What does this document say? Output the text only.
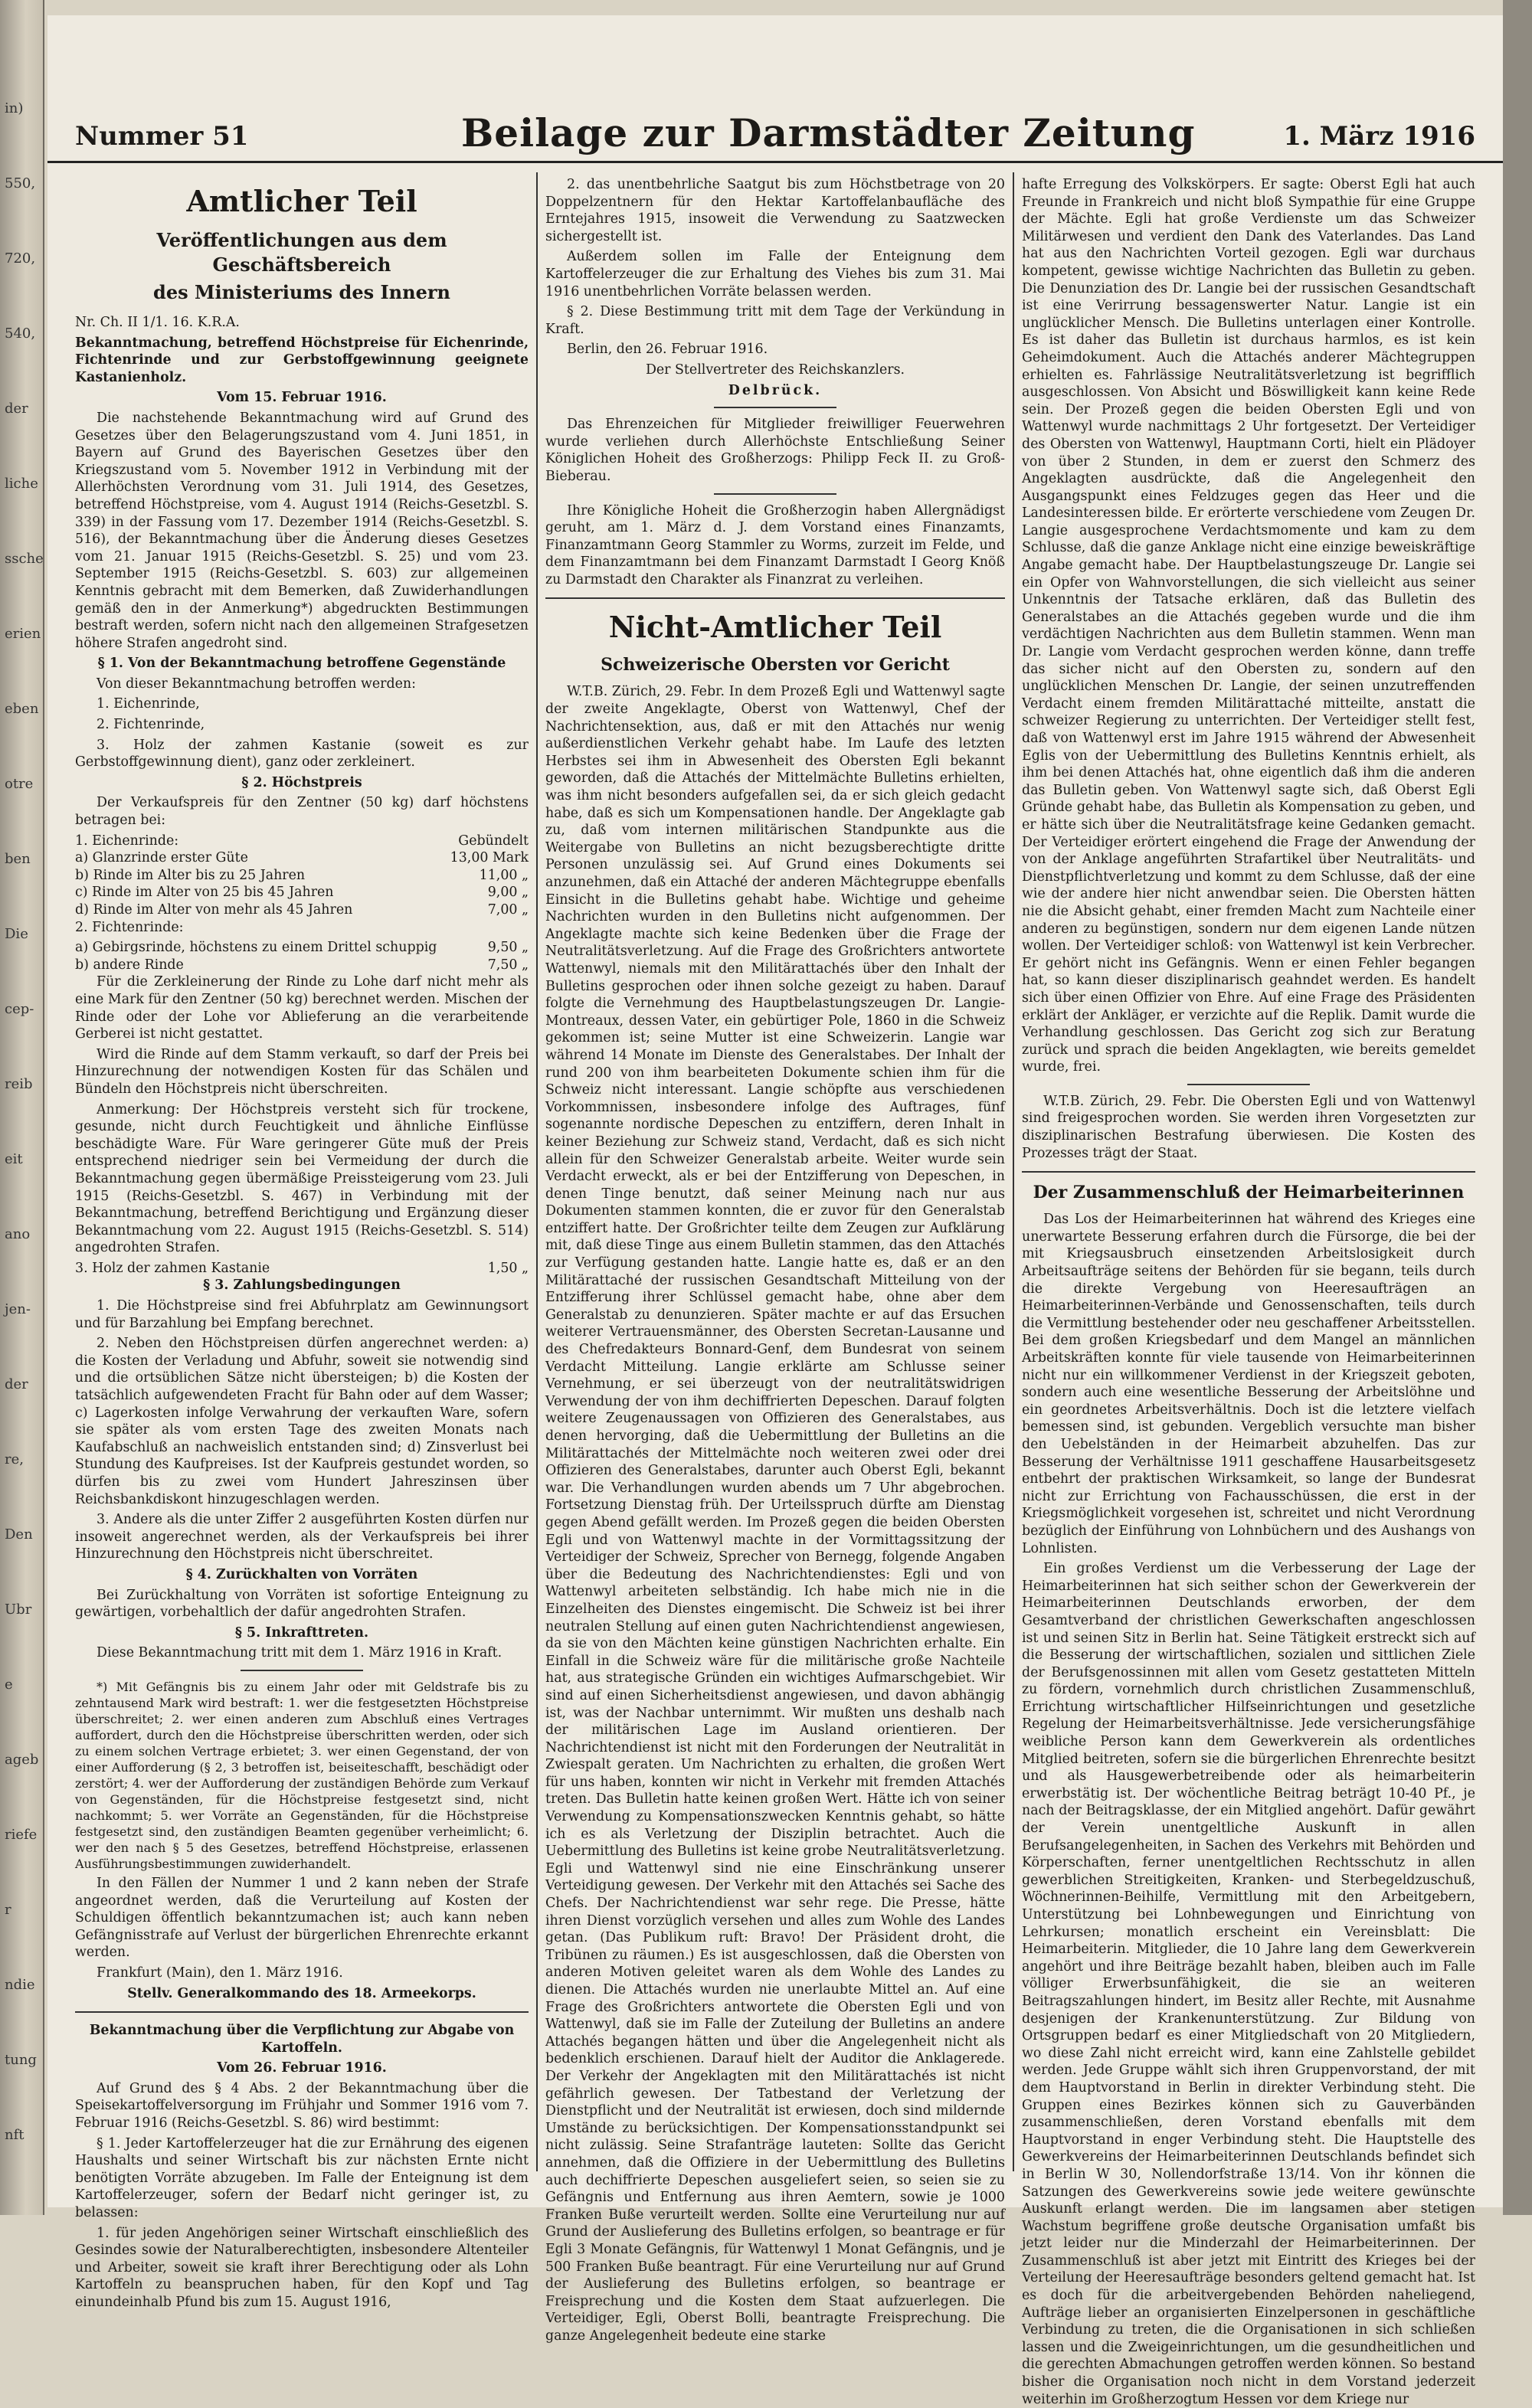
in)
550,
720,
540,
der
liche
ssche
erien
eben
otre
ben
Die
cep-
reib
eit
ano
jen-
der
re,
Den
Ubr
e
ageb
riefe
r
ndie
tung
nft
Nummer 51	Beilage zur Darmstädter Zeitung	1. März 1916
Amtlicher Teil
Veröffentlichungen aus dem Geschäftsbereich
des Ministeriums des Innern

Nr. Ch. II 1/1. 16. K.R.A.

Bekanntmachung, betreffend Höchstpreise für Eichenrinde, Fichtenrinde und zur Gerbstoffgewinnung geeignete Kastanienholz.

Vom 15. Februar 1916.

Die nachstehende Bekanntmachung wird auf Grund des Gesetzes über den Belagerungszustand vom 4. Juni 1851, in Bayern auf Grund des Bayerischen Gesetzes über den Kriegszustand vom 5. November 1912 in Verbindung mit der Allerhöchsten Verordnung vom 31. Juli 1914, des Gesetzes, betreffend Höchstpreise, vom 4. August 1914 (Reichs-Gesetzbl. S. 339) in der Fassung vom 17. Dezember 1914 (Reichs-Gesetzbl. S. 516), der Bekanntmachung über die Änderung dieses Gesetzes vom 21. Januar 1915 (Reichs-Gesetzbl. S. 25) und vom 23. September 1915 (Reichs-Gesetzbl. S. 603) zur allgemeinen Kenntnis gebracht mit dem Bemerken, daß Zuwiderhandlungen gemäß den in der Anmerkung*) abgedruckten Bestimmungen bestraft werden, sofern nicht nach den allgemeinen Strafgesetzen höhere Strafen angedroht sind.

§ 1. Von der Bekanntmachung betroffene Gegenstände

Von dieser Bekanntmachung betroffen werden:

1. Eichenrinde,

2. Fichtenrinde,

3. Holz der zahmen Kastanie (soweit es zur Gerbstoffgewinnung dient), ganz oder zerkleinert.

§ 2. Höchstpreis

Der Verkaufspreis für den Zentner (50 kg) darf höchstens betragen bei:

1. Eichenrinde:	Gebündelt
a) Glanzrinde erster Güte	13,00 Mark
b) Rinde im Alter bis zu 25 Jahren	11,00 „
c) Rinde im Alter von 25 bis 45 Jahren	9,00 „
d) Rinde im Alter von mehr als 45 Jahren	7,00 „

2. Fichtenrinde:

a) Gebirgsrinde, höchstens zu einem Drittel schuppig	9,50 „
b) andere Rinde	7,50 „

Für die Zerkleinerung der Rinde zu Lohe darf nicht mehr als eine Mark für den Zentner (50 kg) berechnet werden. Mischen der Rinde oder der Lohe vor Ablieferung an die verarbeitende Gerberei ist nicht gestattet.

Wird die Rinde auf dem Stamm verkauft, so darf der Preis bei Hinzurechnung der notwendigen Kosten für das Schälen und Bündeln den Höchstpreis nicht überschreiten.

Anmerkung: Der Höchstpreis versteht sich für trockene, gesunde, nicht durch Feuchtigkeit und ähnliche Einflüsse beschädigte Ware. Für Ware geringerer Güte muß der Preis entsprechend niedriger sein bei Vermeidung der durch die Bekanntmachung gegen übermäßige Preissteigerung vom 23. Juli 1915 (Reichs-Gesetzbl. S. 467) in Verbindung mit der Bekanntmachung, betreffend Berichtigung und Ergänzung dieser Bekanntmachung vom 22. August 1915 (Reichs-Gesetzbl. S. 514) angedrohten Strafen.

3. Holz der zahmen Kastanie	1,50 „

§ 3. Zahlungsbedingungen

1. Die Höchstpreise sind frei Abfuhrplatz am Gewinnungsort und für Barzahlung bei Empfang berechnet.

2. Neben den Höchstpreisen dürfen angerechnet werden: a) die Kosten der Verladung und Abfuhr, soweit sie notwendig sind und die ortsüblichen Sätze nicht übersteigen; b) die Kosten der tatsächlich aufgewendeten Fracht für Bahn oder auf dem Wasser; c) Lagerkosten infolge Verwahrung der verkauften Ware, sofern sie später als vom ersten Tage des zweiten Monats nach Kaufabschluß an nachweislich entstanden sind; d) Zinsverlust bei Stundung des Kaufpreises. Ist der Kaufpreis gestundet worden, so dürfen bis zu zwei vom Hundert Jahreszinsen über Reichsbankdiskont hinzugeschlagen werden.

3. Andere als die unter Ziffer 2 ausgeführten Kosten dürfen nur insoweit angerechnet werden, als der Verkaufspreis bei ihrer Hinzurechnung den Höchstpreis nicht überschreitet.

§ 4. Zurückhalten von Vorräten

Bei Zurückhaltung von Vorräten ist sofortige Enteignung zu gewärtigen, vorbehaltlich der dafür angedrohten Strafen.

§ 5. Inkrafttreten.

Diese Bekanntmachung tritt mit dem 1. März 1916 in Kraft.

*) Mit Gefängnis bis zu einem Jahr oder mit Geldstrafe bis zu zehntausend Mark wird bestraft: 1. wer die festgesetzten Höchstpreise überschreitet; 2. wer einen anderen zum Abschluß eines Vertrages auffordert, durch den die Höchstpreise überschritten werden, oder sich zu einem solchen Vertrage erbietet; 3. wer einen Gegenstand, der von einer Aufforderung (§ 2, 3 betroffen ist, beiseiteschafft, beschädigt oder zerstört; 4. wer der Aufforderung der zuständigen Behörde zum Verkauf von Gegenständen, für die Höchstpreise festgesetzt sind, nicht nachkommt; 5. wer Vorräte an Gegenständen, für die Höchstpreise festgesetzt sind, den zuständigen Beamten gegenüber verheimlicht; 6. wer den nach § 5 des Gesetzes, betreffend Höchstpreise, erlassenen Ausführungsbestimmungen zuwiderhandelt.

In den Fällen der Nummer 1 und 2 kann neben der Strafe angeordnet werden, daß die Verurteilung auf Kosten der Schuldigen öffentlich bekanntzumachen ist; auch kann neben Gefängnisstrafe auf Verlust der bürgerlichen Ehrenrechte erkannt werden.

Frankfurt (Main), den 1. März 1916.

Stellv. Generalkommando des 18. Armeekorps.

Bekanntmachung über die Verpflichtung zur Abgabe von Kartoffeln.

Vom 26. Februar 1916.

Auf Grund des § 4 Abs. 2 der Bekanntmachung über die Speisekartoffelversorgung im Frühjahr und Sommer 1916 vom 7. Februar 1916 (Reichs-Gesetzbl. S. 86) wird bestimmt:

§ 1. Jeder Kartoffelerzeuger hat die zur Ernährung des eigenen Haushalts und seiner Wirtschaft bis zur nächsten Ernte nicht benötigten Vorräte abzugeben. Im Falle der Enteignung ist dem Kartoffelerzeuger, sofern der Bedarf nicht geringer ist, zu belassen:

1. für jeden Angehörigen seiner Wirtschaft einschließlich des Gesindes sowie der Naturalberechtigten, insbesondere Altenteiler und Arbeiter, soweit sie kraft ihrer Berechtigung oder als Lohn Kartoffeln zu beanspruchen haben, für den Kopf und Tag einundeinhalb Pfund bis zum 15. August 1916,

2. das unentbehrliche Saatgut bis zum Höchstbetrage von 20 Doppelzentnern für den Hektar Kartoffelanbaufläche des Erntejahres 1915, insoweit die Verwendung zu Saatzwecken sichergestellt ist.

Außerdem sollen im Falle der Enteignung dem Kartoffelerzeuger die zur Erhaltung des Viehes bis zum 31. Mai 1916 unentbehrlichen Vorräte belassen werden.

§ 2. Diese Bestimmung tritt mit dem Tage der Verkündung in Kraft.

Berlin, den 26. Februar 1916.

Der Stellvertreter des Reichskanzlers.

Delbrück.

Das Ehrenzeichen für Mitglieder freiwilliger Feuerwehren wurde verliehen durch Allerhöchste Entschließung Seiner Königlichen Hoheit des Großherzogs: Philipp Feck II. zu Groß-Bieberau.

Ihre Königliche Hoheit die Großherzogin haben Allergnädigst geruht, am 1. März d. J. dem Vorstand eines Finanzamts, Finanzamtmann Georg Stammler zu Worms, zurzeit im Felde, und dem Finanzamtmann bei dem Finanzamt Darmstadt I Georg Knöß zu Darmstadt den Charakter als Finanzrat zu verleihen.

Nicht-Amtlicher Teil
Schweizerische Obersten vor Gericht

W.T.B. Zürich, 29. Febr. In dem Prozeß Egli und Wattenwyl sagte der zweite Angeklagte, Oberst von Wattenwyl, Chef der Nachrichtensektion, aus, daß er mit den Attachés nur wenig außerdienstlichen Verkehr gehabt habe. Im Laufe des letzten Herbstes sei ihm in Abwesenheit des Obersten Egli bekannt geworden, daß die Attachés der Mittelmächte Bulletins erhielten, was ihm nicht besonders aufgefallen sei, da er sich gleich gedacht habe, daß es sich um Kompensationen handle. Der Angeklagte gab zu, daß vom internen militärischen Standpunkte aus die Weitergabe von Bulletins an nicht bezugsberechtigte dritte Personen unzulässig sei. Auf Grund eines Dokuments sei anzunehmen, daß ein Attaché der anderen Mächtegruppe ebenfalls Einsicht in die Bulletins gehabt habe. Wichtige und geheime Nachrichten wurden in den Bulletins nicht aufgenommen. Der Angeklagte machte sich keine Bedenken über die Frage der Neutralitätsverletzung. Auf die Frage des Großrichters antwortete Wattenwyl, niemals mit den Militärattachés über den Inhalt der Bulletins gesprochen oder ihnen solche gezeigt zu haben. Darauf folgte die Vernehmung des Hauptbelastungszeugen Dr. Langie-Montreaux, dessen Vater, ein gebürtiger Pole, 1860 in die Schweiz gekommen ist; seine Mutter ist eine Schweizerin. Langie war während 14 Monate im Dienste des Generalstabes. Der Inhalt der rund 200 von ihm bearbeiteten Dokumente schien ihm für die Schweiz nicht interessant. Langie schöpfte aus verschiedenen Vorkommnissen, insbesondere infolge des Auftrages, fünf sogenannte nordische Depeschen zu entziffern, deren Inhalt in keiner Beziehung zur Schweiz stand, Verdacht, daß es sich nicht allein für den Schweizer Generalstab arbeite. Weiter wurde sein Verdacht erweckt, als er bei der Entzifferung von Depeschen, in denen Tinge benutzt, daß seiner Meinung nach nur aus Dokumenten stammen konnten, die er zuvor für den Generalstab entziffert hatte. Der Großrichter teilte dem Zeugen zur Aufklärung mit, daß diese Tinge aus einem Bulletin stammen, das den Attachés zur Verfügung gestanden hatte. Langie hatte es, daß er an den Militärattaché der russischen Gesandtschaft Mitteilung von der Entzifferung ihrer Schlüssel gemacht habe, ohne aber dem Generalstab zu denunzieren. Später machte er auf das Ersuchen weiterer Vertrauensmänner, des Obersten Secretan-Lausanne und des Chefredakteurs Bonnard-Genf, dem Bundesrat von seinem Verdacht Mitteilung. Langie erklärte am Schlusse seiner Vernehmung, er sei überzeugt von der neutralitätswidrigen Verwendung der von ihm dechiffrierten Depeschen. Darauf folgten weitere Zeugenaussagen von Offizieren des Generalstabes, aus denen hervorging, daß die Uebermittlung der Bulletins an die Militärattachés der Mittelmächte noch weiteren zwei oder drei Offizieren des Generalstabes, darunter auch Oberst Egli, bekannt war. Die Verhandlungen wurden abends um 7 Uhr abgebrochen. Fortsetzung Dienstag früh. Der Urteilsspruch dürfte am Dienstag gegen Abend gefällt werden. Im Prozeß gegen die beiden Obersten Egli und von Wattenwyl machte in der Vormittagssitzung der Verteidiger der Schweiz, Sprecher von Bernegg, folgende Angaben über die Bedeutung des Nachrichtendienstes: Egli und von Wattenwyl arbeiteten selbständig. Ich habe mich nie in die Einzelheiten des Dienstes eingemischt. Die Schweiz ist bei ihrer neutralen Stellung auf einen guten Nachrichtendienst angewiesen, da sie von den Mächten keine günstigen Nachrichten erhalte. Ein Einfall in die Schweiz wäre für die militärische große Nachteile hat, aus strategische Gründen ein wichtiges Aufmarschgebiet. Wir sind auf einen Sicherheitsdienst angewiesen, und davon abhängig ist, was der Nachbar unternimmt. Wir mußten uns deshalb nach der militärischen Lage im Ausland orientieren. Der Nachrichtendienst ist nicht mit den Forderungen der Neutralität in Zwiespalt geraten. Um Nachrichten zu erhalten, die großen Wert für uns haben, konnten wir nicht in Verkehr mit fremden Attachés treten. Das Bulletin hatte keinen großen Wert. Hätte ich von seiner Verwendung zu Kompensationszwecken Kenntnis gehabt, so hätte ich es als Verletzung der Disziplin betrachtet. Auch die Uebermittlung des Bulletins ist keine grobe Neutralitätsverletzung. Egli und Wattenwyl sind nie eine Einschränkung unserer Verteidigung gewesen. Der Verkehr mit den Attachés sei Sache des Chefs. Der Nachrichtendienst war sehr rege. Die Presse, hätte ihren Dienst vorzüglich versehen und alles zum Wohle des Landes getan. (Das Publikum ruft: Bravo! Der Präsident droht, die Tribünen zu räumen.) Es ist ausgeschlossen, daß die Obersten von anderen Motiven geleitet waren als dem Wohle des Landes zu dienen. Die Attachés wurden nie unerlaubte Mittel an. Auf eine Frage des Großrichters antwortete die Obersten Egli und von Wattenwyl, daß sie im Falle der Zuteilung der Bulletins an andere Attachés begangen hätten und über die Angelegenheit nicht als bedenklich erschienen. Darauf hielt der Auditor die Anklagerede. Der Verkehr der Angeklagten mit den Militärattachés ist nicht gefährlich gewesen. Der Tatbestand der Verletzung der Dienstpflicht und der Neutralität ist erwiesen, doch sind mildernde Umstände zu berücksichtigen. Der Kompensationsstandpunkt sei nicht zulässig. Seine Strafanträge lauteten: Sollte das Gericht annehmen, daß die Offiziere in der Uebermittlung des Bulletins auch dechiffrierte Depeschen ausgeliefert seien, so seien sie zu Gefängnis und Entfernung aus ihren Aemtern, sowie je 1000 Franken Buße verurteilt werden. Sollte eine Verurteilung nur auf Grund der Auslieferung des Bulletins erfolgen, so beantrage er für Egli 3 Monate Gefängnis, für Wattenwyl 1 Monat Gefängnis, und je 500 Franken Buße beantragt. Für eine Verurteilung nur auf Grund der Auslieferung des Bulletins erfolgen, so beantrage er Freisprechung und die Kosten dem Staat aufzuerlegen. Die Verteidiger, Egli, Oberst Bolli, beantragte Freisprechung. Die ganze Angelegenheit bedeute eine starke

hafte Erregung des Volkskörpers. Er sagte: Oberst Egli hat auch Freunde in Frankreich und nicht bloß Sympathie für eine Gruppe der Mächte. Egli hat große Verdienste um das Schweizer Militärwesen und verdient den Dank des Vaterlandes. Das Land hat aus den Nachrichten Vorteil gezogen. Egli war durchaus kompetent, gewisse wichtige Nachrichten das Bulletin zu geben. Die Denunziation des Dr. Langie bei der russischen Gesandtschaft ist eine Verirrung bessagenswerter Natur. Langie ist ein unglücklicher Mensch. Die Bulletins unterlagen einer Kontrolle. Es ist daher das Bulletin ist durchaus harmlos, es ist kein Geheimdokument. Auch die Attachés anderer Mächtegruppen erhielten es. Fahrlässige Neutralitätsverletzung ist begrifflich ausgeschlossen. Von Absicht und Böswilligkeit kann keine Rede sein. Der Prozeß gegen die beiden Obersten Egli und von Wattenwyl wurde nachmittags 2 Uhr fortgesetzt. Der Verteidiger des Obersten von Wattenwyl, Hauptmann Corti, hielt ein Plädoyer von über 2 Stunden, in dem er zuerst den Schmerz des Angeklagten ausdrückte, daß die Angelegenheit den Ausgangspunkt eines Feldzuges gegen das Heer und die Landesinteressen bilde. Er erörterte verschiedene vom Zeugen Dr. Langie ausgesprochene Verdachtsmomente und kam zu dem Schlusse, daß die ganze Anklage nicht eine einzige beweiskräftige Angabe gemacht habe. Der Hauptbelastungszeuge Dr. Langie sei ein Opfer von Wahnvorstellungen, die sich vielleicht aus seiner Unkenntnis der Tatsache erklären, daß das Bulletin des Generalstabes an die Attachés gegeben wurde und die ihm verdächtigen Nachrichten aus dem Bulletin stammen. Wenn man Dr. Langie vom Verdacht gesprochen werden könne, dann treffe das sicher nicht auf den Obersten zu, sondern auf den unglücklichen Menschen Dr. Langie, der seinen unzutreffenden Verdacht einem fremden Militärattaché mitteilte, anstatt die schweizer Regierung zu unterrichten. Der Verteidiger stellt fest, daß von Wattenwyl erst im Jahre 1915 während der Abwesenheit Eglis von der Uebermittlung des Bulletins Kenntnis erhielt, als ihm bei denen Attachés hat, ohne eigentlich daß ihm die anderen das Bulletin geben. Von Wattenwyl sagte sich, daß Oberst Egli Gründe gehabt habe, das Bulletin als Kompensation zu geben, und er hätte sich über die Neutralitätsfrage keine Gedanken gemacht. Der Verteidiger erörtert eingehend die Frage der Anwendung der von der Anklage angeführten Strafartikel über Neutralitäts- und Dienstpflichtverletzung und kommt zu dem Schlusse, daß der eine wie der andere hier nicht anwendbar seien. Die Obersten hätten nie die Absicht gehabt, einer fremden Macht zum Nachteile einer anderen zu begünstigen, sondern nur dem eigenen Lande nützen wollen. Der Verteidiger schloß: von Wattenwyl ist kein Verbrecher. Er gehört nicht ins Gefängnis. Wenn er einen Fehler begangen hat, so kann dieser disziplinarisch geahndet werden. Es handelt sich über einen Offizier von Ehre. Auf eine Frage des Präsidenten erklärt der Ankläger, er verzichte auf die Replik. Damit wurde die Verhandlung geschlossen. Das Gericht zog sich zur Beratung zurück und sprach die beiden Angeklagten, wie bereits gemeldet wurde, frei.

W.T.B. Zürich, 29. Febr. Die Obersten Egli und von Wattenwyl sind freigesprochen worden. Sie werden ihren Vorgesetzten zur disziplinarischen Bestrafung überwiesen. Die Kosten des Prozesses trägt der Staat.

Der Zusammenschluß der Heimarbeiterinnen

Das Los der Heimarbeiterinnen hat während des Krieges eine unerwartete Besserung erfahren durch die Fürsorge, die bei der mit Kriegsausbruch einsetzenden Arbeitslosigkeit durch Arbeitsaufträge seitens der Behörden für sie begann, teils durch die direkte Vergebung von Heeresaufträgen an Heimarbeiterinnen-Verbände und Genossenschaften, teils durch die Vermittlung bestehender oder neu geschaffener Arbeitsstellen. Bei dem großen Kriegsbedarf und dem Mangel an männlichen Arbeitskräften konnte für viele tausende von Heimarbeiterinnen nicht nur ein willkommener Verdienst in der Kriegszeit geboten, sondern auch eine wesentliche Besserung der Arbeitslöhne und ein geordnetes Arbeitsverhältnis. Doch ist die letztere vielfach bemessen sind, ist gebunden. Vergeblich versuchte man bisher den Uebelständen in der Heimarbeit abzuhelfen. Das zur Besserung der Verhältnisse 1911 geschaffene Hausarbeitsgesetz entbehrt der praktischen Wirksamkeit, so lange der Bundesrat nicht zur Errichtung von Fachausschüssen, die erst in der Kriegsmöglichkeit vorgesehen ist, schreitet und nicht Verordnung bezüglich der Einführung von Lohnbüchern und des Aushangs von Lohnlisten.

Ein großes Verdienst um die Verbesserung der Lage der Heimarbeiterinnen hat sich seither schon der Gewerkverein der Heimarbeiterinnen Deutschlands erworben, der dem Gesamtverband der christlichen Gewerkschaften angeschlossen ist und seinen Sitz in Berlin hat. Seine Tätigkeit erstreckt sich auf die Besserung der wirtschaftlichen, sozialen und sittlichen Ziele der Berufsgenossinnen mit allen vom Gesetz gestatteten Mitteln zu fördern, vornehmlich durch christlichen Zusammenschluß, Errichtung wirtschaftlicher Hilfseinrichtungen und gesetzliche Regelung der Heimarbeitsverhältnisse. Jede versicherungsfähige weibliche Person kann dem Gewerkverein als ordentliches Mitglied beitreten, sofern sie die bürgerlichen Ehrenrechte besitzt und als Hausgewerbetreibende oder als heimarbeiterin erwerbstätig ist. Der wöchentliche Beitrag beträgt 10-40 Pf., je nach der Beitragsklasse, der ein Mitglied angehört. Dafür gewährt der Verein unentgeltliche Auskunft in allen Berufsangelegenheiten, in Sachen des Verkehrs mit Behörden und Körperschaften, ferner unentgeltlichen Rechtsschutz in allen gewerblichen Streitigkeiten, Kranken- und Sterbegeldzuschuß, Wöchnerinnen-Beihilfe, Vermittlung mit den Arbeitgebern, Unterstützung bei Lohnbewegungen und Einrichtung von Lehrkursen; monatlich erscheint ein Vereinsblatt: Die Heimarbeiterin. Mitglieder, die 10 Jahre lang dem Gewerkverein angehört und ihre Beiträge bezahlt haben, bleiben auch im Falle völliger Erwerbsunfähigkeit, die sie an weiteren Beitragszahlungen hindert, im Besitz aller Rechte, mit Ausnahme desjenigen der Krankenunterstützung. Zur Bildung von Ortsgruppen bedarf es einer Mitgliedschaft von 20 Mitgliedern, wo diese Zahl nicht erreicht wird, kann eine Zahlstelle gebildet werden. Jede Gruppe wählt sich ihren Gruppenvorstand, der mit dem Hauptvorstand in Berlin in direkter Verbindung steht. Die Gruppen eines Bezirkes können sich zu Gauverbänden zusammenschließen, deren Vorstand ebenfalls mit dem Hauptvorstand in enger Verbindung steht. Die Hauptstelle des Gewerkvereins der Heimarbeiterinnen Deutschlands befindet sich in Berlin W 30, Nollendorfstraße 13/14. Von ihr können die Satzungen des Gewerkvereins sowie jede weitere gewünschte Auskunft erlangt werden. Die im langsamen aber stetigen Wachstum begriffene große deutsche Organisation umfaßt bis jetzt leider nur die Minderzahl der Heimarbeiterinnen. Der Zusammenschluß ist aber jetzt mit Eintritt des Krieges bei der Verteilung der Heeresaufträge besonders geltend gemacht hat. Ist es doch für die arbeitvergebenden Behörden naheliegend, Aufträge lieber an organisierten Einzelpersonen in geschäftliche Verbindung zu treten, die die Organisationen in sich schließen lassen und die Zweigeinrichtungen, um die gesundheitlichen und die gerechten Abmachungen getroffen werden können. So bestand bisher die Organisation noch nicht in dem Vorstand jederzeit weiterhin im Großherzogtum Hessen vor dem Kriege nur
